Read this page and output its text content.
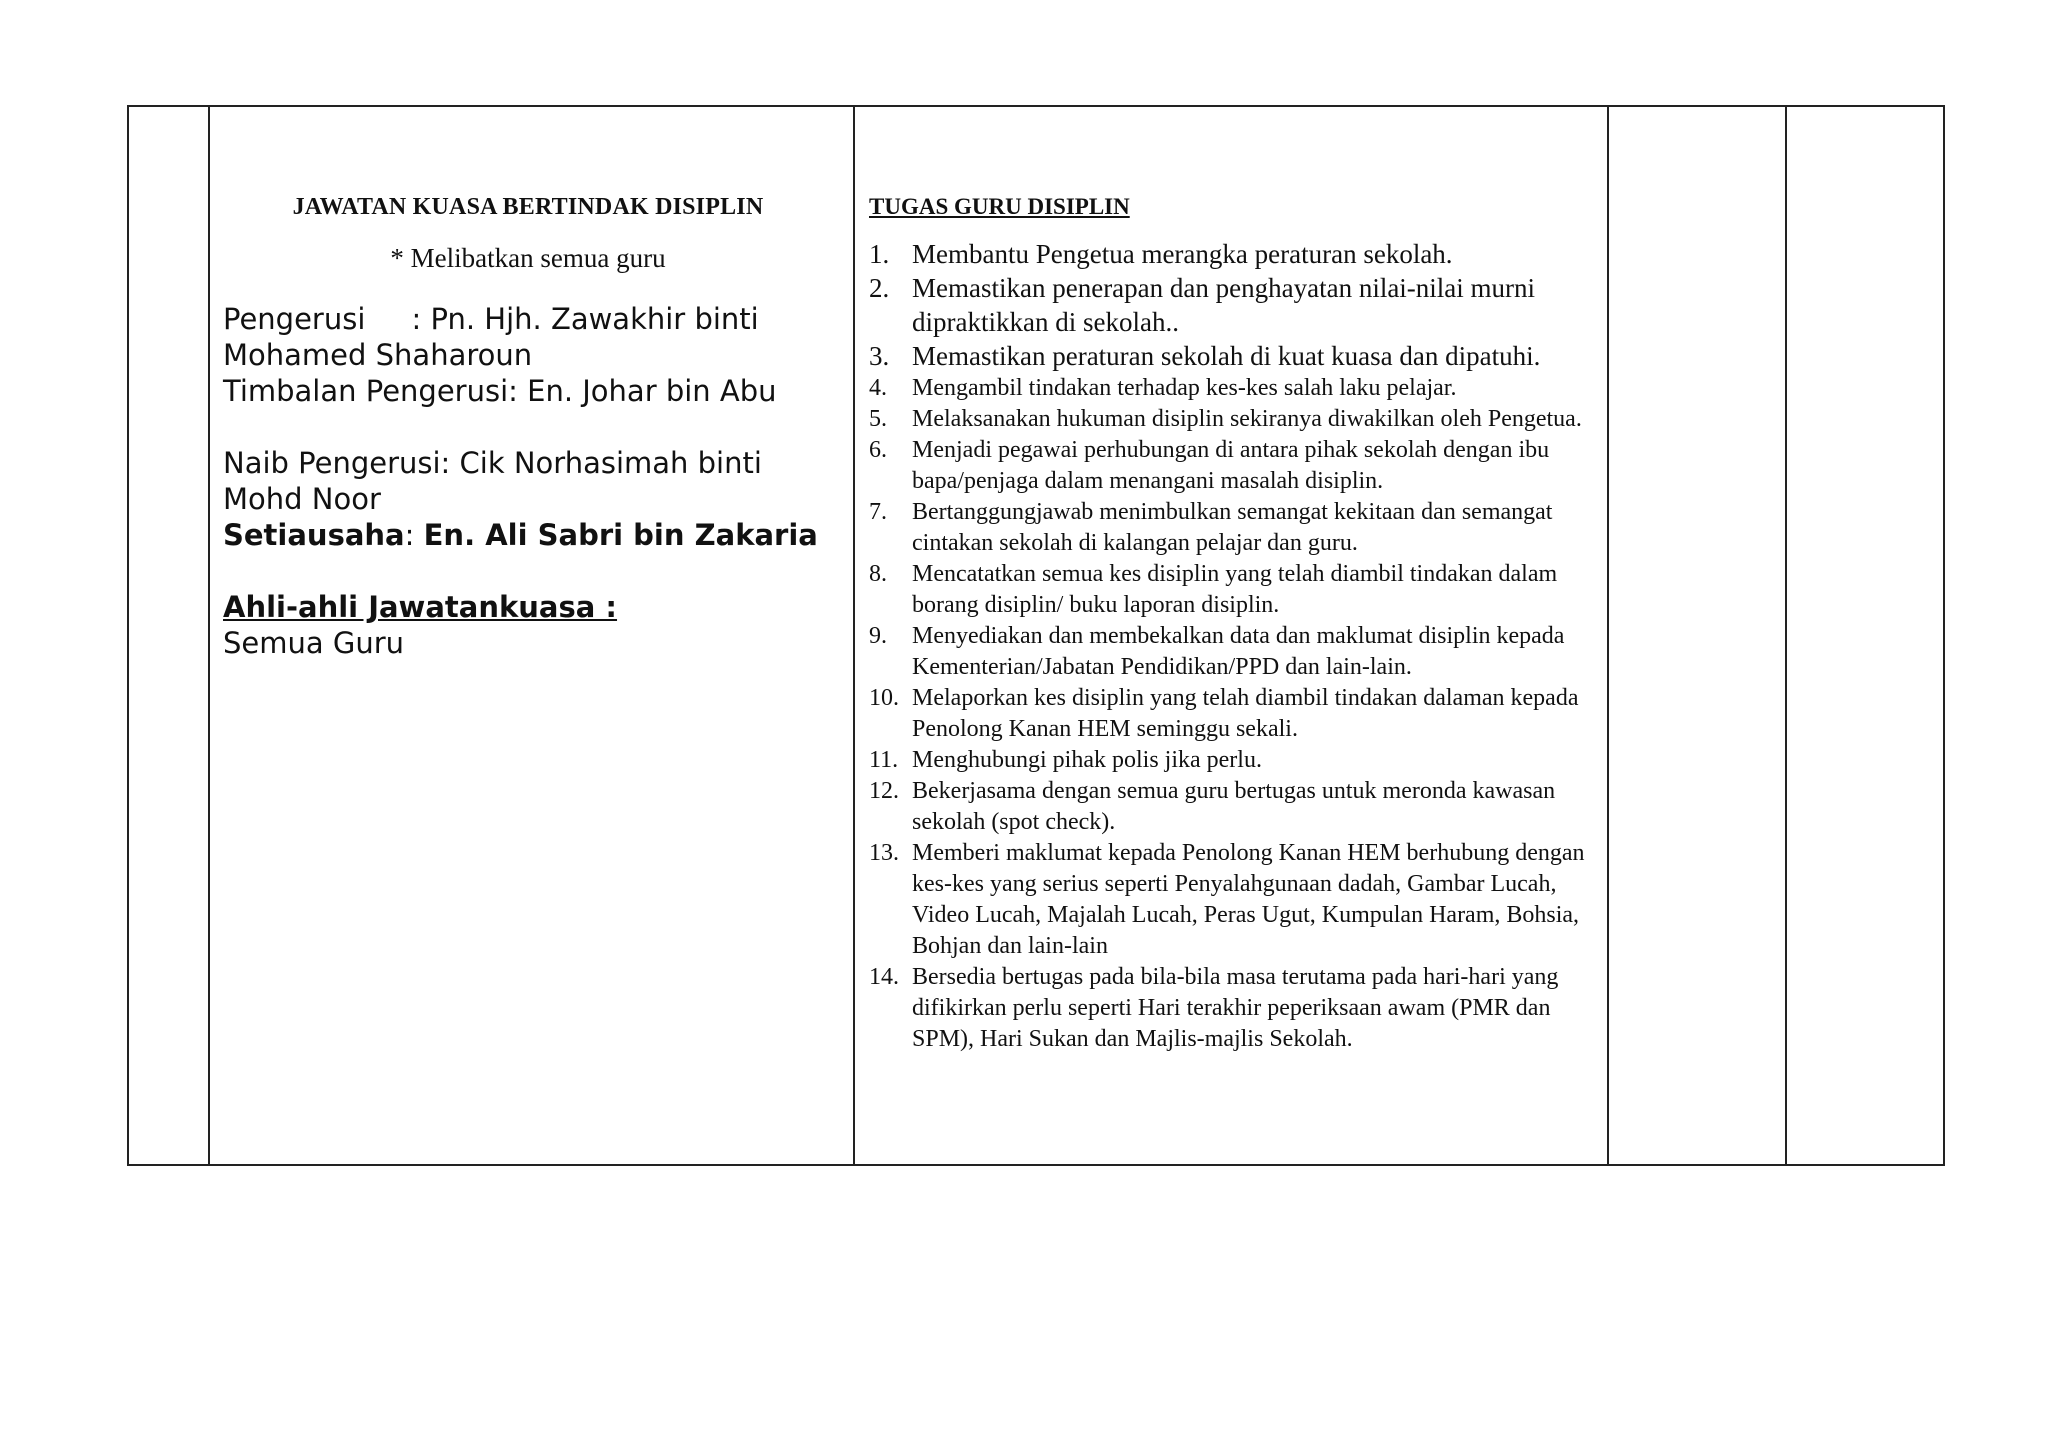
JAWATAN KUASA BERTINDAK DISIPLIN

* Melibatkan semua guru

Pengerusi     : Pn. Hjh. Zawakhir binti

Mohamed Shaharoun

Timbalan Pengerusi: En. Johar bin Abu

Naib Pengerusi: Cik Norhasimah binti

Mohd Noor

Setiausaha: En. Ali Sabri bin Zakaria

Ahli-ahli Jawatankuasa :

Semua Guru

TUGAS GURU DISIPLIN

1. Membantu Pengetua merangka peraturan sekolah.
2. Memastikan penerapan dan penghayatan nilai-nilai murni dipraktikkan di sekolah..
3. Memastikan peraturan sekolah di kuat kuasa dan dipatuhi.
4.	Mengambil tindakan terhadap kes-kes salah laku pelajar.
5.	Melaksanakan hukuman disiplin sekiranya diwakilkan oleh Pengetua.
6.	Menjadi pegawai perhubungan di antara pihak sekolah dengan ibu bapa/penjaga dalam menangani masalah disiplin.
7.	Bertanggungjawab menimbulkan semangat kekitaan dan semangat cintakan sekolah di kalangan pelajar dan guru.
8.	Mencatatkan semua kes disiplin yang telah diambil tindakan dalam borang disiplin/ buku laporan disiplin.
9.	Menyediakan dan membekalkan data dan maklumat disiplin kepada Kementerian/Jabatan Pendidikan/PPD dan lain-lain.
10. Melaporkan kes disiplin yang telah diambil tindakan dalaman kepada Penolong Kanan HEM seminggu sekali.
11. Menghubungi pihak polis jika perlu.
12. Bekerjasama dengan semua guru bertugas untuk meronda kawasan sekolah (spot check).
13. Memberi maklumat kepada Penolong Kanan HEM berhubung dengan kes-kes yang serius seperti Penyalahgunaan dadah, Gambar Lucah, Video Lucah, Majalah Lucah, Peras Ugut, Kumpulan Haram, Bohsia, Bohjan dan lain-lain
14. Bersedia bertugas pada bila-bila masa terutama pada hari-hari yang difikirkan perlu seperti Hari terakhir peperiksaan awam (PMR dan SPM), Hari Sukan dan Majlis-majlis Sekolah.
